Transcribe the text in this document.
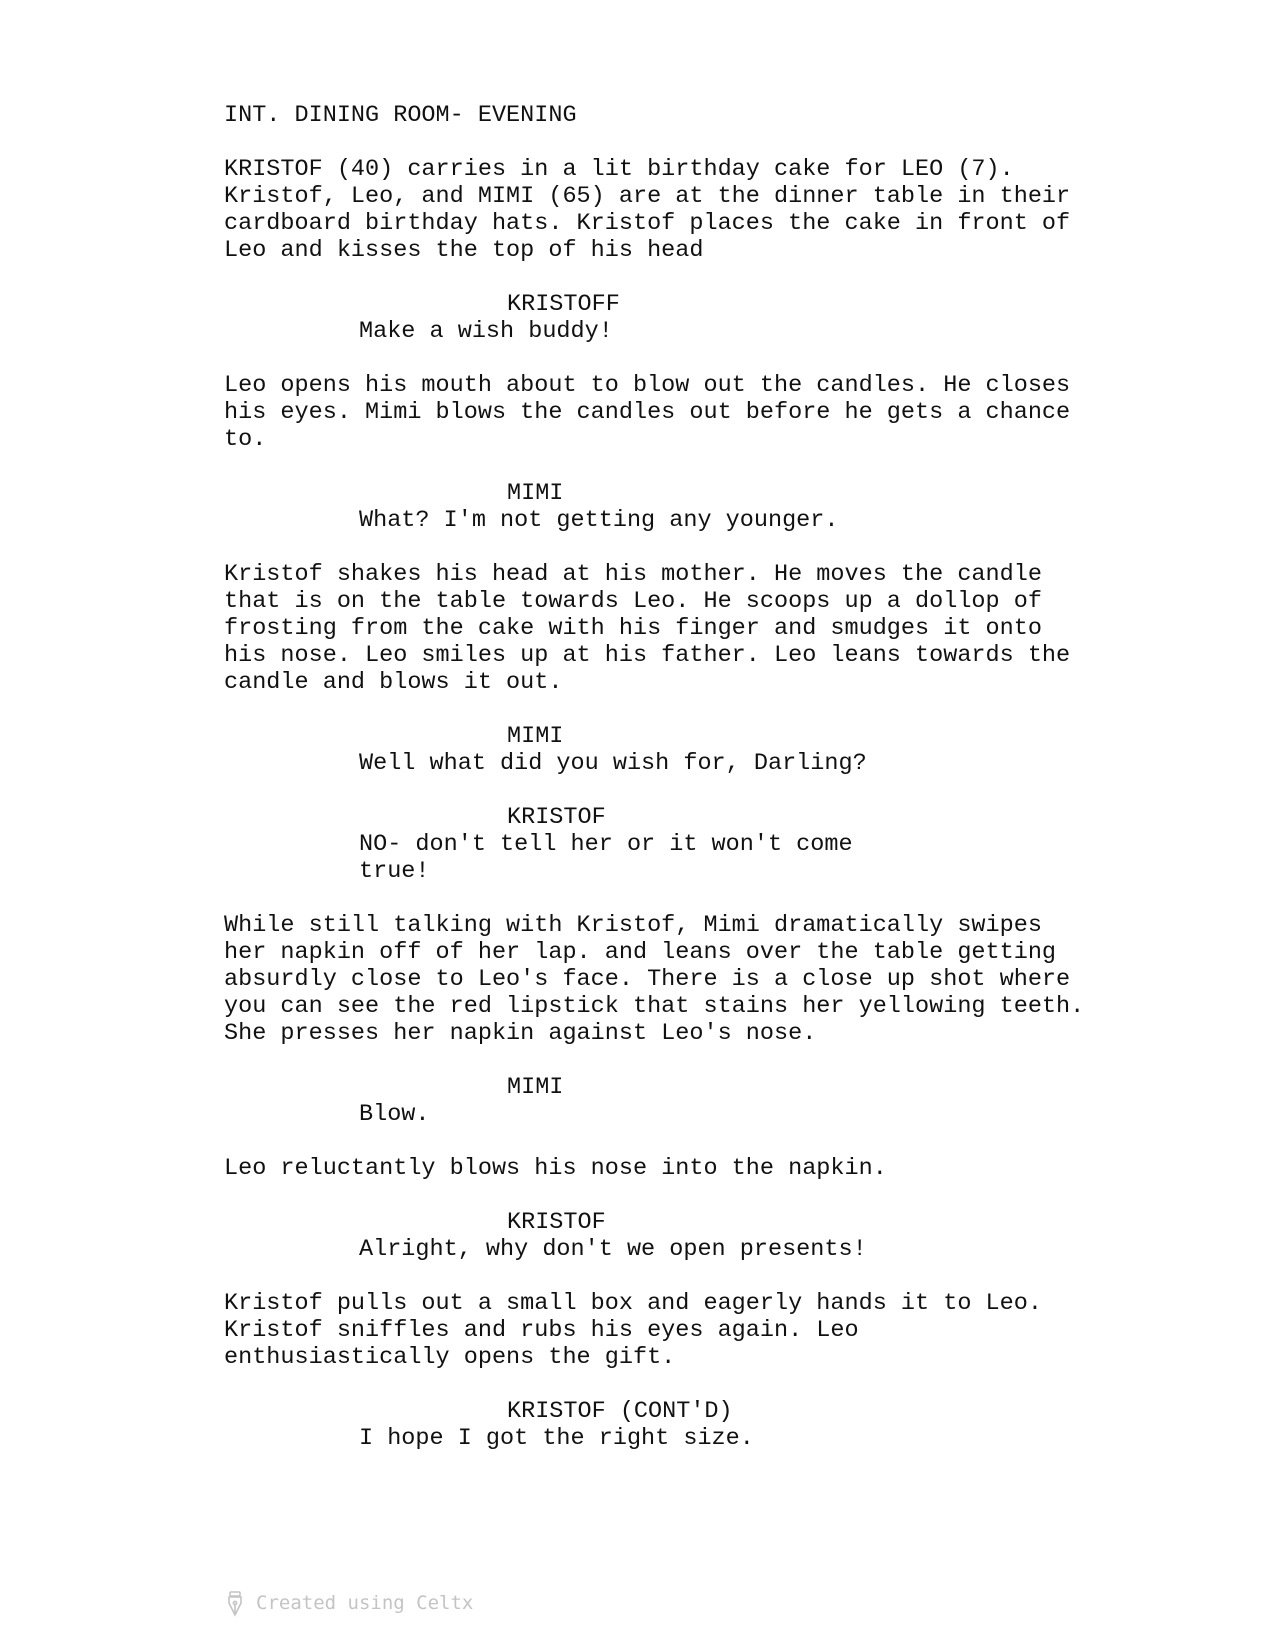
INT. DINING ROOM- EVENING

KRISTOF (40) carries in a lit birthday cake for LEO (7).
Kristof, Leo, and MIMI (65) are at the dinner table in their
cardboard birthday hats. Kristof places the cake in front of
Leo and kisses the top of his head

KRISTOFF

Make a wish buddy!

Leo opens his mouth about to blow out the candles. He closes
his eyes. Mimi blows the candles out before he gets a chance
to.

MIMI

What? I'm not getting any younger.

Kristof shakes his head at his mother. He moves the candle
that is on the table towards Leo. He scoops up a dollop of
frosting from the cake with his finger and smudges it onto
his nose. Leo smiles up at his father. Leo leans towards the
candle and blows it out.

MIMI

Well what did you wish for, Darling?

KRISTOF

NO- don't tell her or it won't come
true!

While still talking with Kristof, Mimi dramatically swipes
her napkin off of her lap. and leans over the table getting
absurdly close to Leo's face. There is a close up shot where
you can see the red lipstick that stains her yellowing teeth.
She presses her napkin against Leo's nose.

MIMI

Blow.

Leo reluctantly blows his nose into the napkin.

KRISTOF

Alright, why don't we open presents!

Kristof pulls out a small box and eagerly hands it to Leo.
Kristof sniffles and rubs his eyes again. Leo
enthusiastically opens the gift.

KRISTOF (CONT'D)

I hope I got the right size.

Created using Celtx
